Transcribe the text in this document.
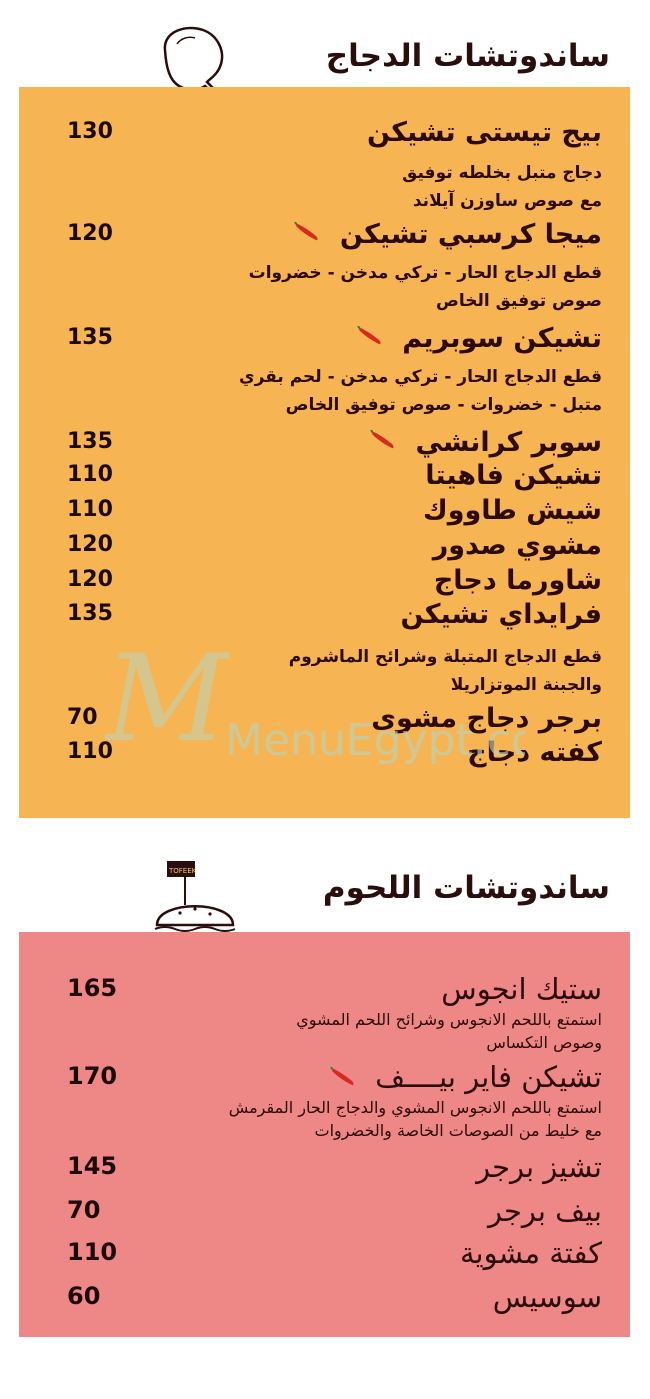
ساندوتشات الدجاج
بيج تيستى تشيكن
130
دجاج متبل بخلطه توفيق
مع صوص ساوزن آيلاند
ميجا كرسبي تشيكن
120
قطع الدجاج الحار - تركي مدخن - خضروات
صوص توفيق الخاص
تشيكن سوبريم
135
قطع الدجاج الحار - تركي مدخن - لحم بقري
متبل - خضروات - صوص توفيق الخاص
سوبر كرانشي
135
تشيكن فاهيتا
110
شيش طاووك
110
مشوي صدور
120
شاورما دجاج
120
فرايداي تشيكن
135
قطع الدجاج المتبلة وشرائح الماشروم
والجبنة الموتزاريلا
برجر دجاج مشوى
70
كفته دجاج
110
M
MenuEgypt.co
TOFEEK	ساندوتشات اللحوم
ستيك انجوس
165
استمتع باللحم الانجوس وشرائح اللحم المشوي
وصوص التكساس
تشيكن فاير بيــــف
170
استمتع باللحم الانجوس المشوي والدجاج الحار المقرمش
مع خليط من الصوصات الخاصة والخضروات
تشيز برجر
145
بيف برجر
70
كفتة مشوية
110
سوسيس
60
